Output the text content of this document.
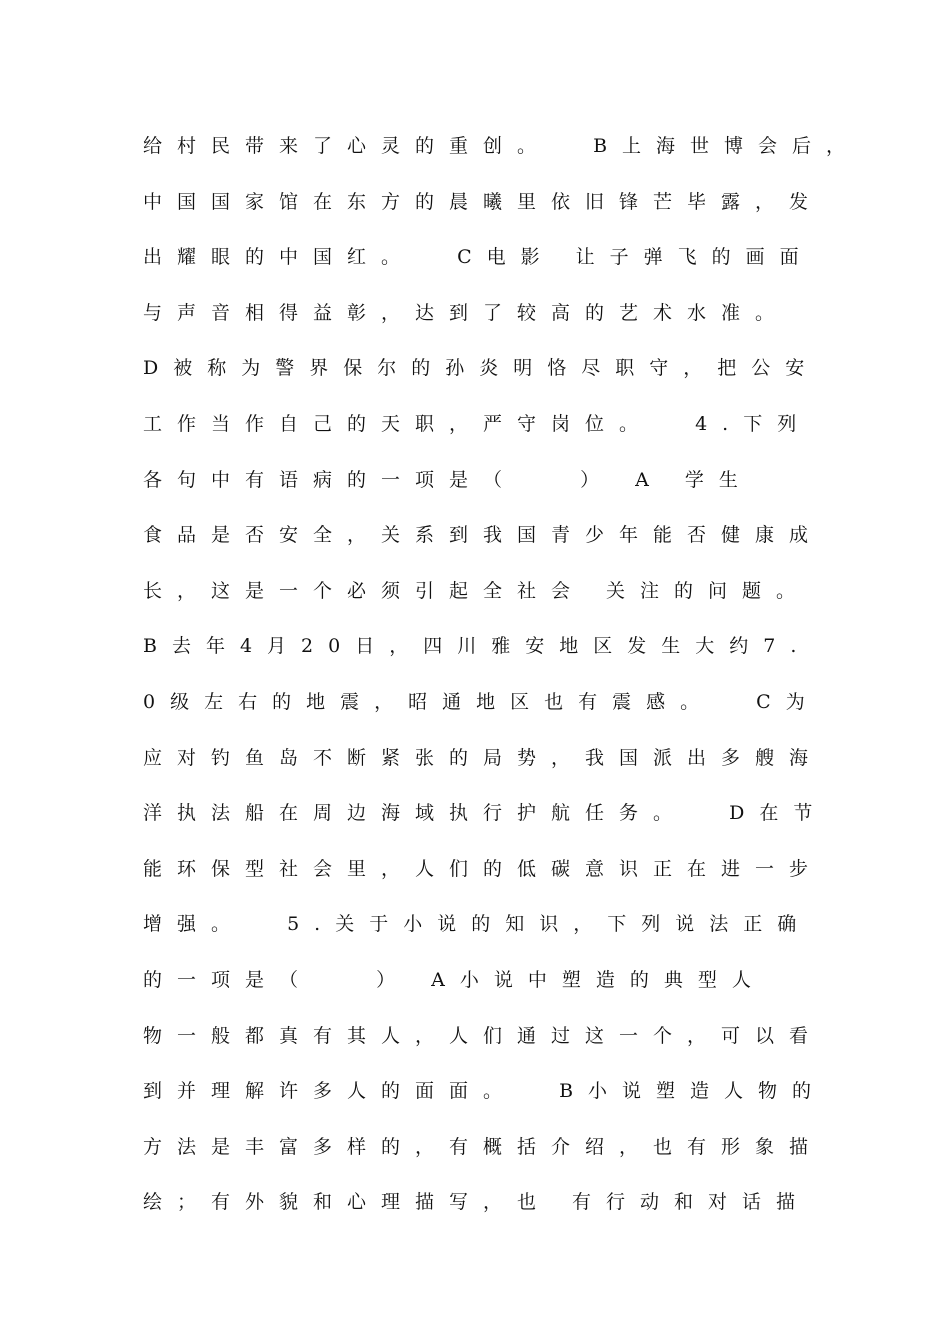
给村民带来了心灵的重创。  B上海世博会后，
中国国家馆在东方的晨曦里依旧锋芒毕露，发
出耀眼的中国红。  C电影 让子弹飞的画面
与声音相得益彰，达到了较高的艺术水准。
D被称为警界保尔的孙炎明恪尽职守，把公安
工作当作自己的天职，严守岗位。  4.下列
各句中有语病的一项是（   ） A 学生
食品是否安全，关系到我国青少年能否健康成
长，这是一个必须引起全社会 关注的问题。
B去年4月20日，四川雅安地区发生大约7.
0级左右的地震，昭通地区也有震感。  C为
应对钓鱼岛不断紧张的局势，我国派出多艘海
洋执法船在周边海域执行护航任务。  D在节
能环保型社会里，人们的低碳意识正在进一步
增强。  5.关于小说的知识，下列说法正确
的一项是（   ） A小说中塑造的典型人
物一般都真有其人，人们通过这一个，可以看
到并理解许多人的面面。  B小说塑造人物的
方法是丰富多样的，有概括介绍，也有形象描
绘；有外貌和心理描写，也 有行动和对话描
